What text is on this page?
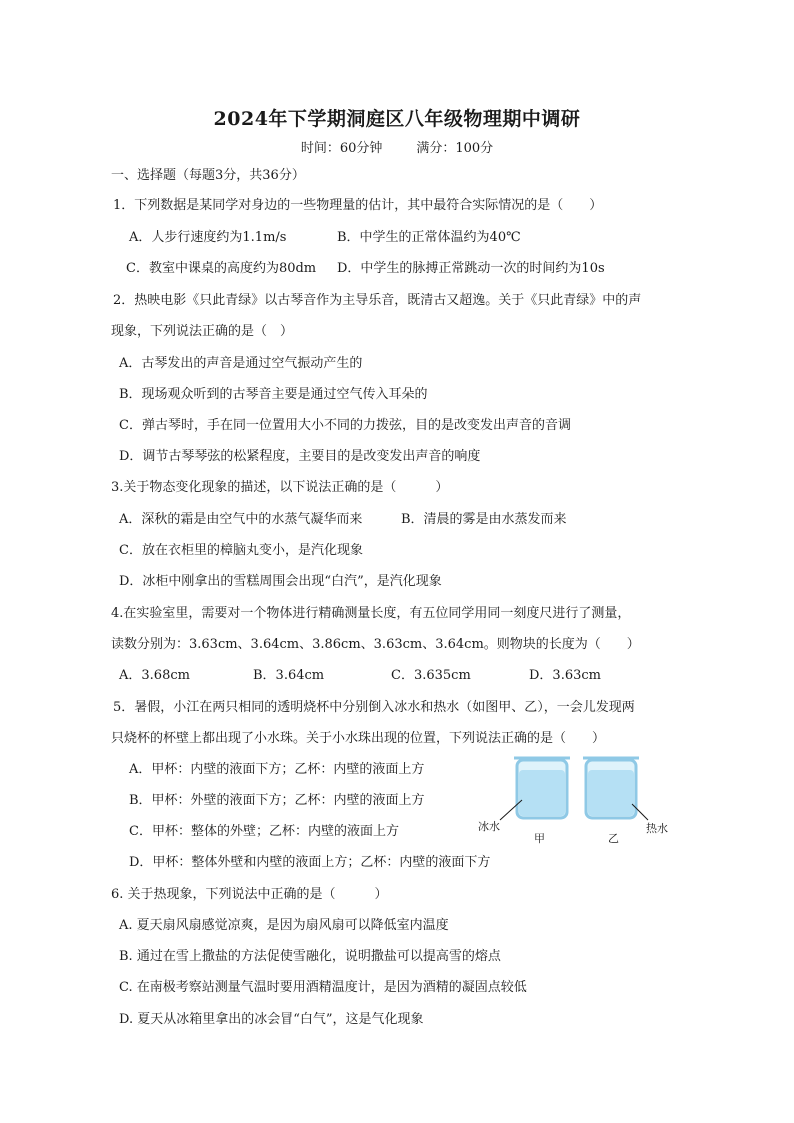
2024年下学期洞庭区八年级物理期中调研
时间：60分钟	满分：100分
一、选择题（每题3分，共36分）
1．下列数据是某同学对身边的一些物理量的估计，其中最符合实际情况的是（　　）
A．人步行速度约为1.1m/s	B．中学生的正常体温约为40℃
C．教室中课桌的高度约为80dm D．中学生的脉搏正常跳动一次的时间约为10s
2．热映电影《只此青绿》以古琴音作为主导乐音，既清古又超逸。关于《只此青绿》中的声
现象，下列说法正确的是（　）
A．古琴发出的声音是通过空气振动产生的
B．现场观众听到的古琴音主要是通过空气传入耳朵的
C．弹古琴时，手在同一位置用大小不同的力拨弦，目的是改变发出声音的音调
D．调节古琴琴弦的松紧程度，主要目的是改变发出声音的响度
3.关于物态变化现象的描述，以下说法正确的是（　　　）
A．深秋的霜是由空气中的水蒸气凝华而来	B．清晨的雾是由水蒸发而来
C．放在衣柜里的樟脑丸变小，是汽化现象
D．冰柜中刚拿出的雪糕周围会出现“白汽”，是汽化现象
4.在实验室里，需要对一个物体进行精确测量长度，有五位同学用同一刻度尺进行了测量，
读数分别为：3.63cm、3.64cm、3.86cm、3.63cm、3.64cm。则物块的长度为（　　）
A．3.68cm	B．3.64cm	C．3.635cm	D．3.63cm
5．暑假，小江在两只相同的透明烧杯中分别倒入冰水和热水（如图甲、乙），一会儿发现两
只烧杯的杯壁上都出现了小水珠。关于小水珠出现的位置，下列说法正确的是（　　）
A．甲杯：内壁的液面下方；乙杯：内壁的液面上方
B．甲杯：外壁的液面下方；乙杯：内壁的液面上方
C．甲杯：整体的外壁；乙杯：内壁的液面上方
D．甲杯：整体外壁和内壁的液面上方；乙杯：内壁的液面下方
冰水	热水
甲	乙
6. 关于热现象，下列说法中正确的是（　　　）
A. 夏天扇风扇感觉凉爽，是因为扇风扇可以降低室内温度
B. 通过在雪上撒盐的方法促使雪融化，说明撒盐可以提高雪的熔点
C. 在南极考察站测量气温时要用酒精温度计，是因为酒精的凝固点较低
D. 夏天从冰箱里拿出的冰会冒“白气”，这是气化现象
